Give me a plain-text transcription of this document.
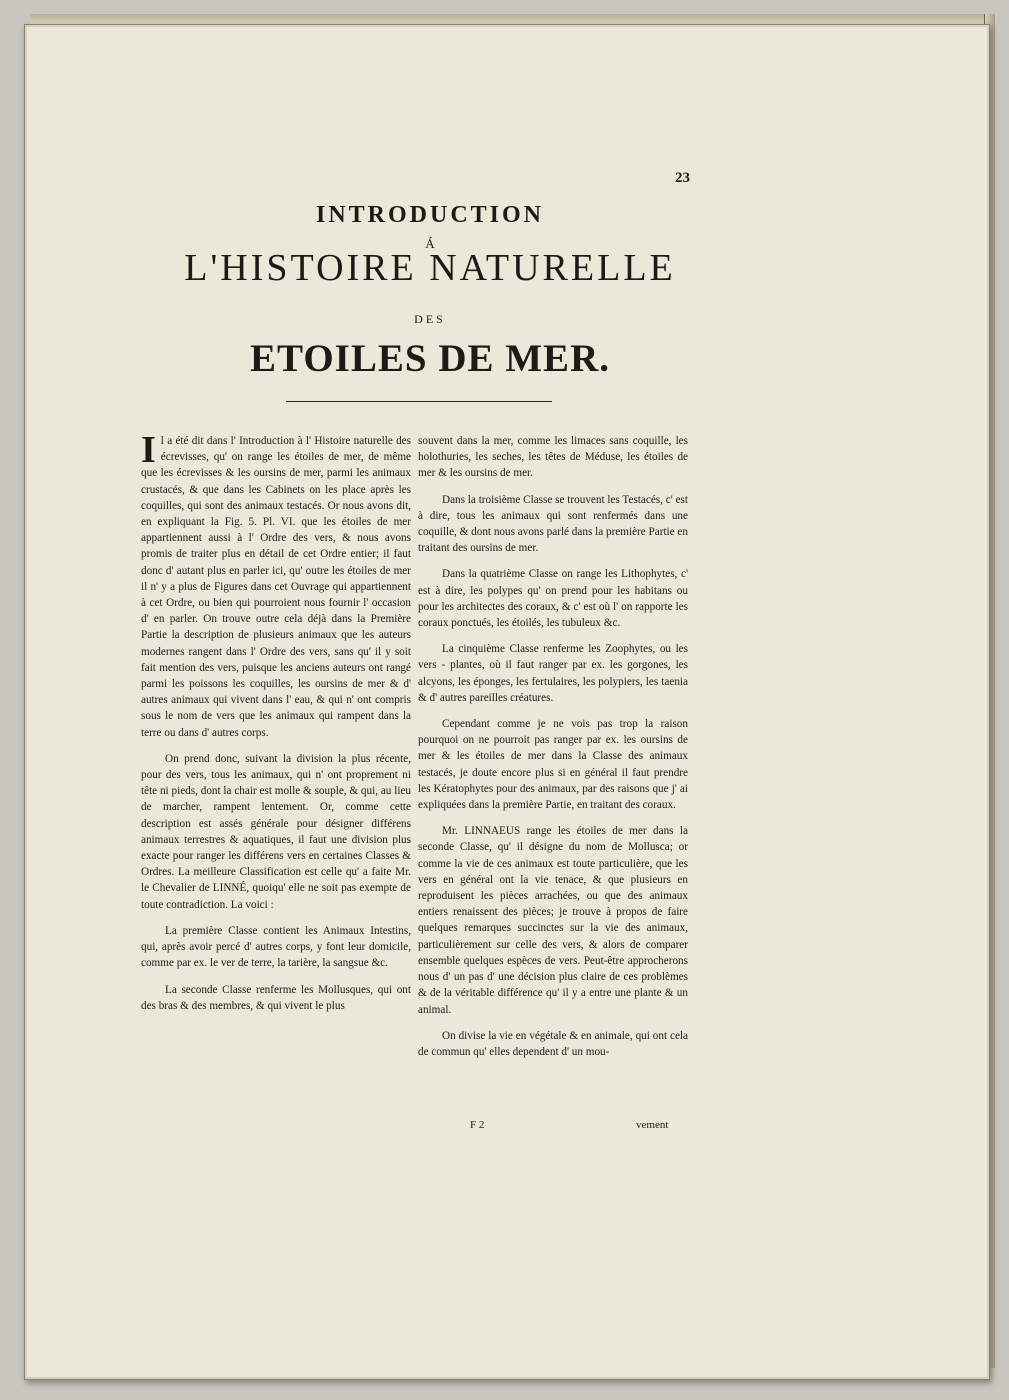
23
INTRODUCTION
Á
L'HISTOIRE NATURELLE
DES
ETOILES DE MER.

Il a été dit dans l' Introduction à l' Histoire naturelle des écrevisses, qu' on range les étoiles de mer, de même que les écrevisses & les oursins de mer, parmi les animaux crustacés, & que dans les Cabinets on les place après les coquilles, qui sont des animaux testacés. Or nous avons dit, en expliquant la Fig. 5. Pl. VI. que les étoiles de mer appartiennent aussi à l' Ordre des vers, & nous avons promis de traiter plus en détail de cet Ordre entier; il faut donc d' autant plus en parler ici, qu' outre les étoiles de mer il n' y a plus de Figures dans cet Ouvrage qui appartiennent à cet Ordre, ou bien qui pourroient nous fournir l' occasion d' en parler. On trouve outre cela déjà dans la Première Partie la description de plusieurs animaux que les auteurs modernes rangent dans l' Ordre des vers, sans qu' il y soit fait mention des vers, puisque les anciens auteurs ont rangé parmi les poissons les coquilles, les oursins de mer & d' autres animaux qui vivent dans l' eau, & qui n' ont compris sous le nom de vers que les animaux qui rampent dans la terre ou dans d' autres corps.

On prend donc, suivant la division la plus récente, pour des vers, tous les animaux, qui n' ont proprement ni tête ni pieds, dont la chair est molle & souple, & qui, au lieu de marcher, rampent lentement. Or, comme cette description est assés générale pour désigner différens animaux terrestres & aquatiques, il faut une division plus exacte pour ranger les différens vers en certaines Classes & Ordres. La meilleure Classification est celle qu' a faite Mr. le Chevalier de LINNÉ, quoiqu' elle ne soit pas exempte de toute contradiction. La voici :

La première Classe contient les Animaux Intestins, qui, après avoir percé d' autres corps, y font leur domicile, comme par ex. le ver de terre, la tarière, la sangsue &c.

La seconde Classe renferme les Mollusques, qui ont des bras & des membres, & qui vivent le plus

souvent dans la mer, comme les limaces sans coquille, les holothuries, les seches, les têtes de Méduse, les étoiles de mer & les oursins de mer.

Dans la troisième Classe se trouvent les Testacés, c' est à dire, tous les animaux qui sont renfermés dans une coquille, & dont nous avons parlé dans la première Partie en traitant des oursins de mer.

Dans la quatrième Classe on range les Lithophytes, c' est à dire, les polypes qu' on prend pour les habitans ou pour les architectes des coraux, & c' est où l' on rapporte les coraux ponctués, les étoilés, les tubuleux &c.

La cinquième Classe renferme les Zoophytes, ou les vers - plantes, où il faut ranger par ex. les gorgones, les alcyons, les éponges, les fertulaires, les polypiers, les taenia & d' autres pareilles créatures.

Cependant comme je ne vois pas trop la raison pourquoi on ne pourroit pas ranger par ex. les oursins de mer & les étoiles de mer dans la Classe des animaux testacés, je doute encore plus si en général il faut prendre les Kératophytes pour des animaux, par des raisons que j' ai expliquées dans la première Partie, en traitant des coraux.

Mr. LINNAEUS range les étoiles de mer dans la seconde Classe, qu' il désigne du nom de Mollusca; or comme la vie de ces animaux est toute particulière, que les vers en général ont la vie tenace, & que plusieurs en reproduisent les pièces arrachées, ou que des animaux entiers renaissent des pièces; je trouve à propos de faire quelques remarques succinctes sur la vie des animaux, particulièrement sur celle des vers, & alors de comparer ensemble quelques espèces de vers. Peut-être approcherons nous d' un pas d' une décision plus claire de ces problèmes & de la véritable différence qu' il y a entre une plante & un animal.

On divise la vie en végétale & en animale, qui ont cela de commun qu' elles dependent d' un mou-

F 2	vement
